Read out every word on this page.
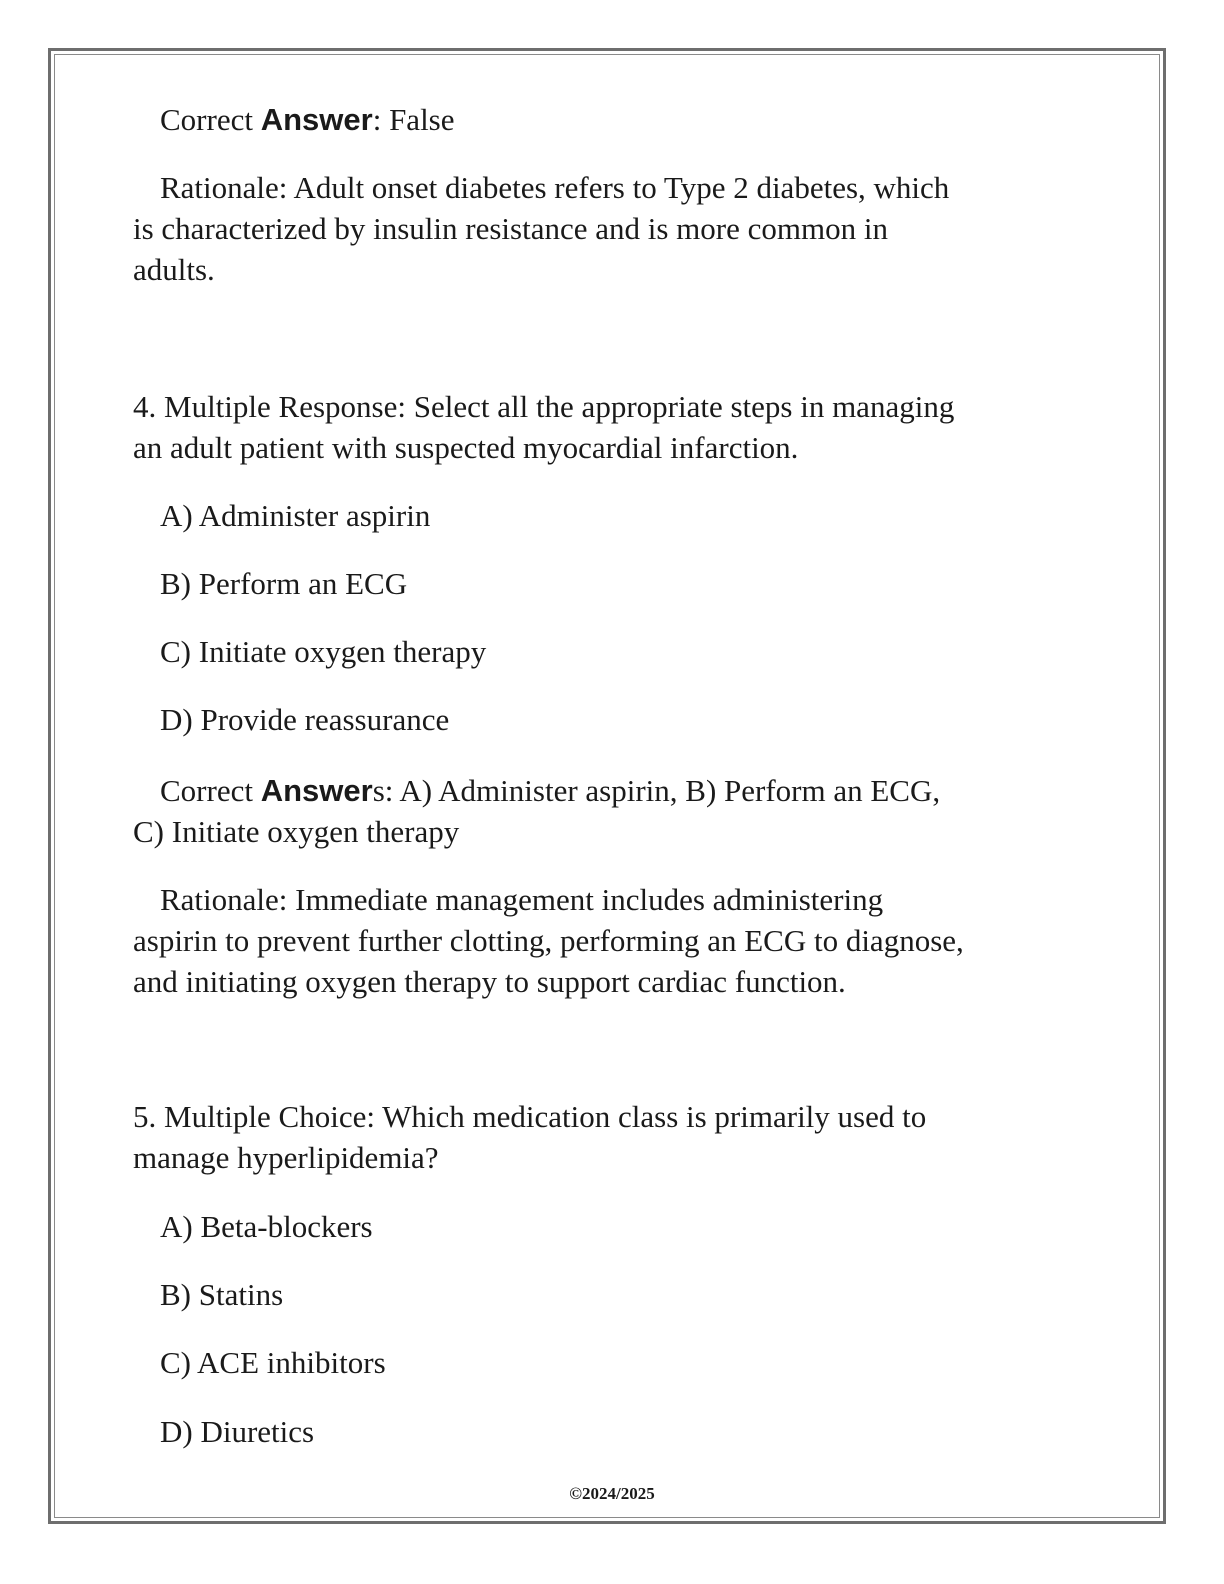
Correct Answer: False

Rationale: Adult onset diabetes refers to Type 2 diabetes, which

is characterized by insulin resistance and is more common in

adults.

4. Multiple Response: Select all the appropriate steps in managing

an adult patient with suspected myocardial infarction.

A) Administer aspirin

B) Perform an ECG

C) Initiate oxygen therapy

D) Provide reassurance

Correct Answers: A) Administer aspirin, B) Perform an ECG,

C) Initiate oxygen therapy

Rationale: Immediate management includes administering

aspirin to prevent further clotting, performing an ECG to diagnose,

and initiating oxygen therapy to support cardiac function.

5. Multiple Choice: Which medication class is primarily used to

manage hyperlipidemia?

A) Beta-blockers

B) Statins

C) ACE inhibitors

D) Diuretics

©2024/2025
